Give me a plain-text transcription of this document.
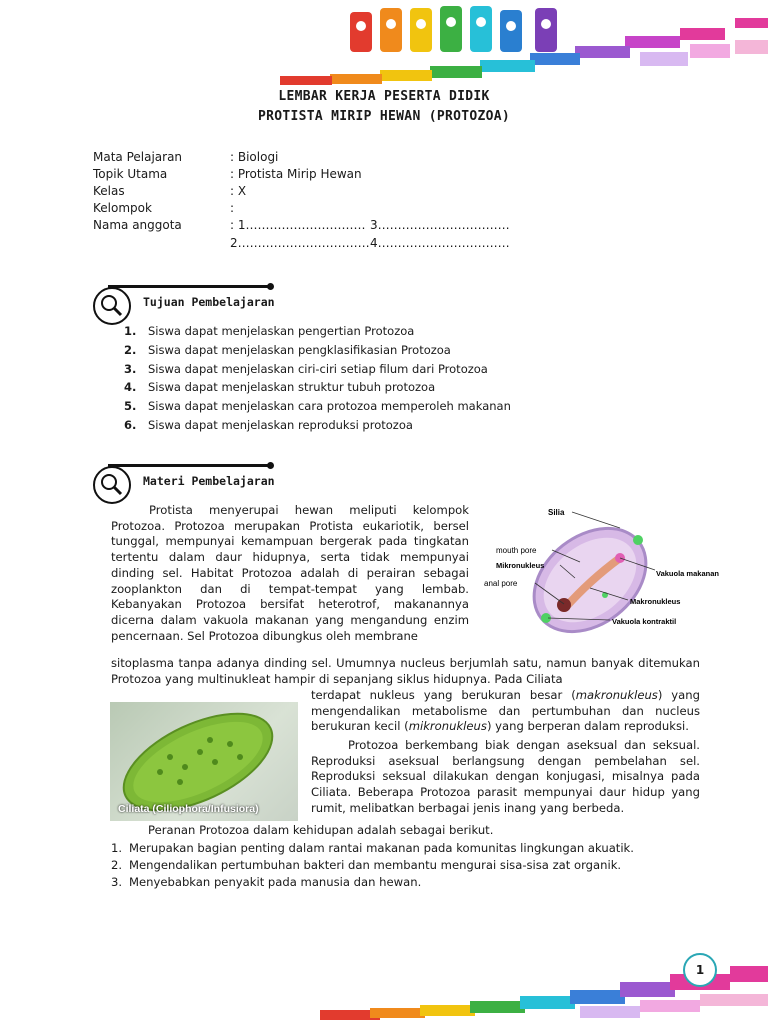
LEMBAR KERJA PESERTA DIDIK
PROTISTA MIRIP HEWAN (PROTOZOA)
Mata Pelajaran	: Biologi
Topik Utama	: Protista Mirip Hewan
Kelas	: X
Kelompok	:
Nama anggota	: 1………………………… 3……………………………
2…………………………… 4……………………………
Tujuan Pembelajaran
1. Siswa dapat menjelaskan pengertian Protozoa
2. Siswa dapat menjelaskan pengklasifikasian Protozoa
3. Siswa dapat menjelaskan ciri-ciri setiap filum dari Protozoa
4. Siswa dapat menjelaskan struktur tubuh protozoa
5. Siswa dapat menjelaskan cara protozoa memperoleh makanan
6. Siswa dapat menjelaskan reproduksi protozoa
Materi Pembelajaran
Protista menyerupai hewan meliputi kelompok Protozoa. Protozoa merupakan Protista eukariotik, bersel tunggal, mempunyai kemampuan bergerak pada tingkatan tertentu dalam daur hidupnya, serta tidak mempunyai dinding sel. Habitat Protozoa adalah di perairan sebagai zooplankton dan di tempat-tempat yang lembab. Kebanyakan Protozoa bersifat heterotrof, makanannya dicerna dalam vakuola makanan yang mengandung enzim pencernaan. Sel Protozoa dibungkus oleh membrane
Silia
mouth pore
Mikronukleus
anal pore
Vakuola makanan
Makronukleus
Vakuola kontraktil
sitoplasma tanpa adanya dinding sel. Umumnya nucleus berjumlah satu, namun banyak ditemukan Protozoa yang multinukleat hampir di sepanjang siklus hidupnya. Pada Ciliata
Ciliata (Ciliophora/Infusiora)
terdapat nukleus yang berukuran besar (makronukleus) yang mengendalikan metabolisme dan pertumbuhan dan nucleus berukuran kecil (mikronukleus) yang berperan dalam reproduksi.
Protozoa berkembang biak dengan aseksual dan seksual. Reproduksi aseksual berlangsung dengan pembelahan sel. Reproduksi seksual dilakukan dengan konjugasi, misalnya pada Ciliata. Beberapa Protozoa parasit mempunyai daur hidup yang rumit, melibatkan berbagai jenis inang yang berbeda.
Peranan Protozoa dalam kehidupan adalah sebagai berikut.
1. Merupakan bagian penting dalam rantai makanan pada komunitas lingkungan akuatik.
2. Mengendalikan pertumbuhan bakteri dan membantu mengurai sisa-sisa zat organik.
3. Menyebabkan penyakit pada manusia dan hewan.
1
